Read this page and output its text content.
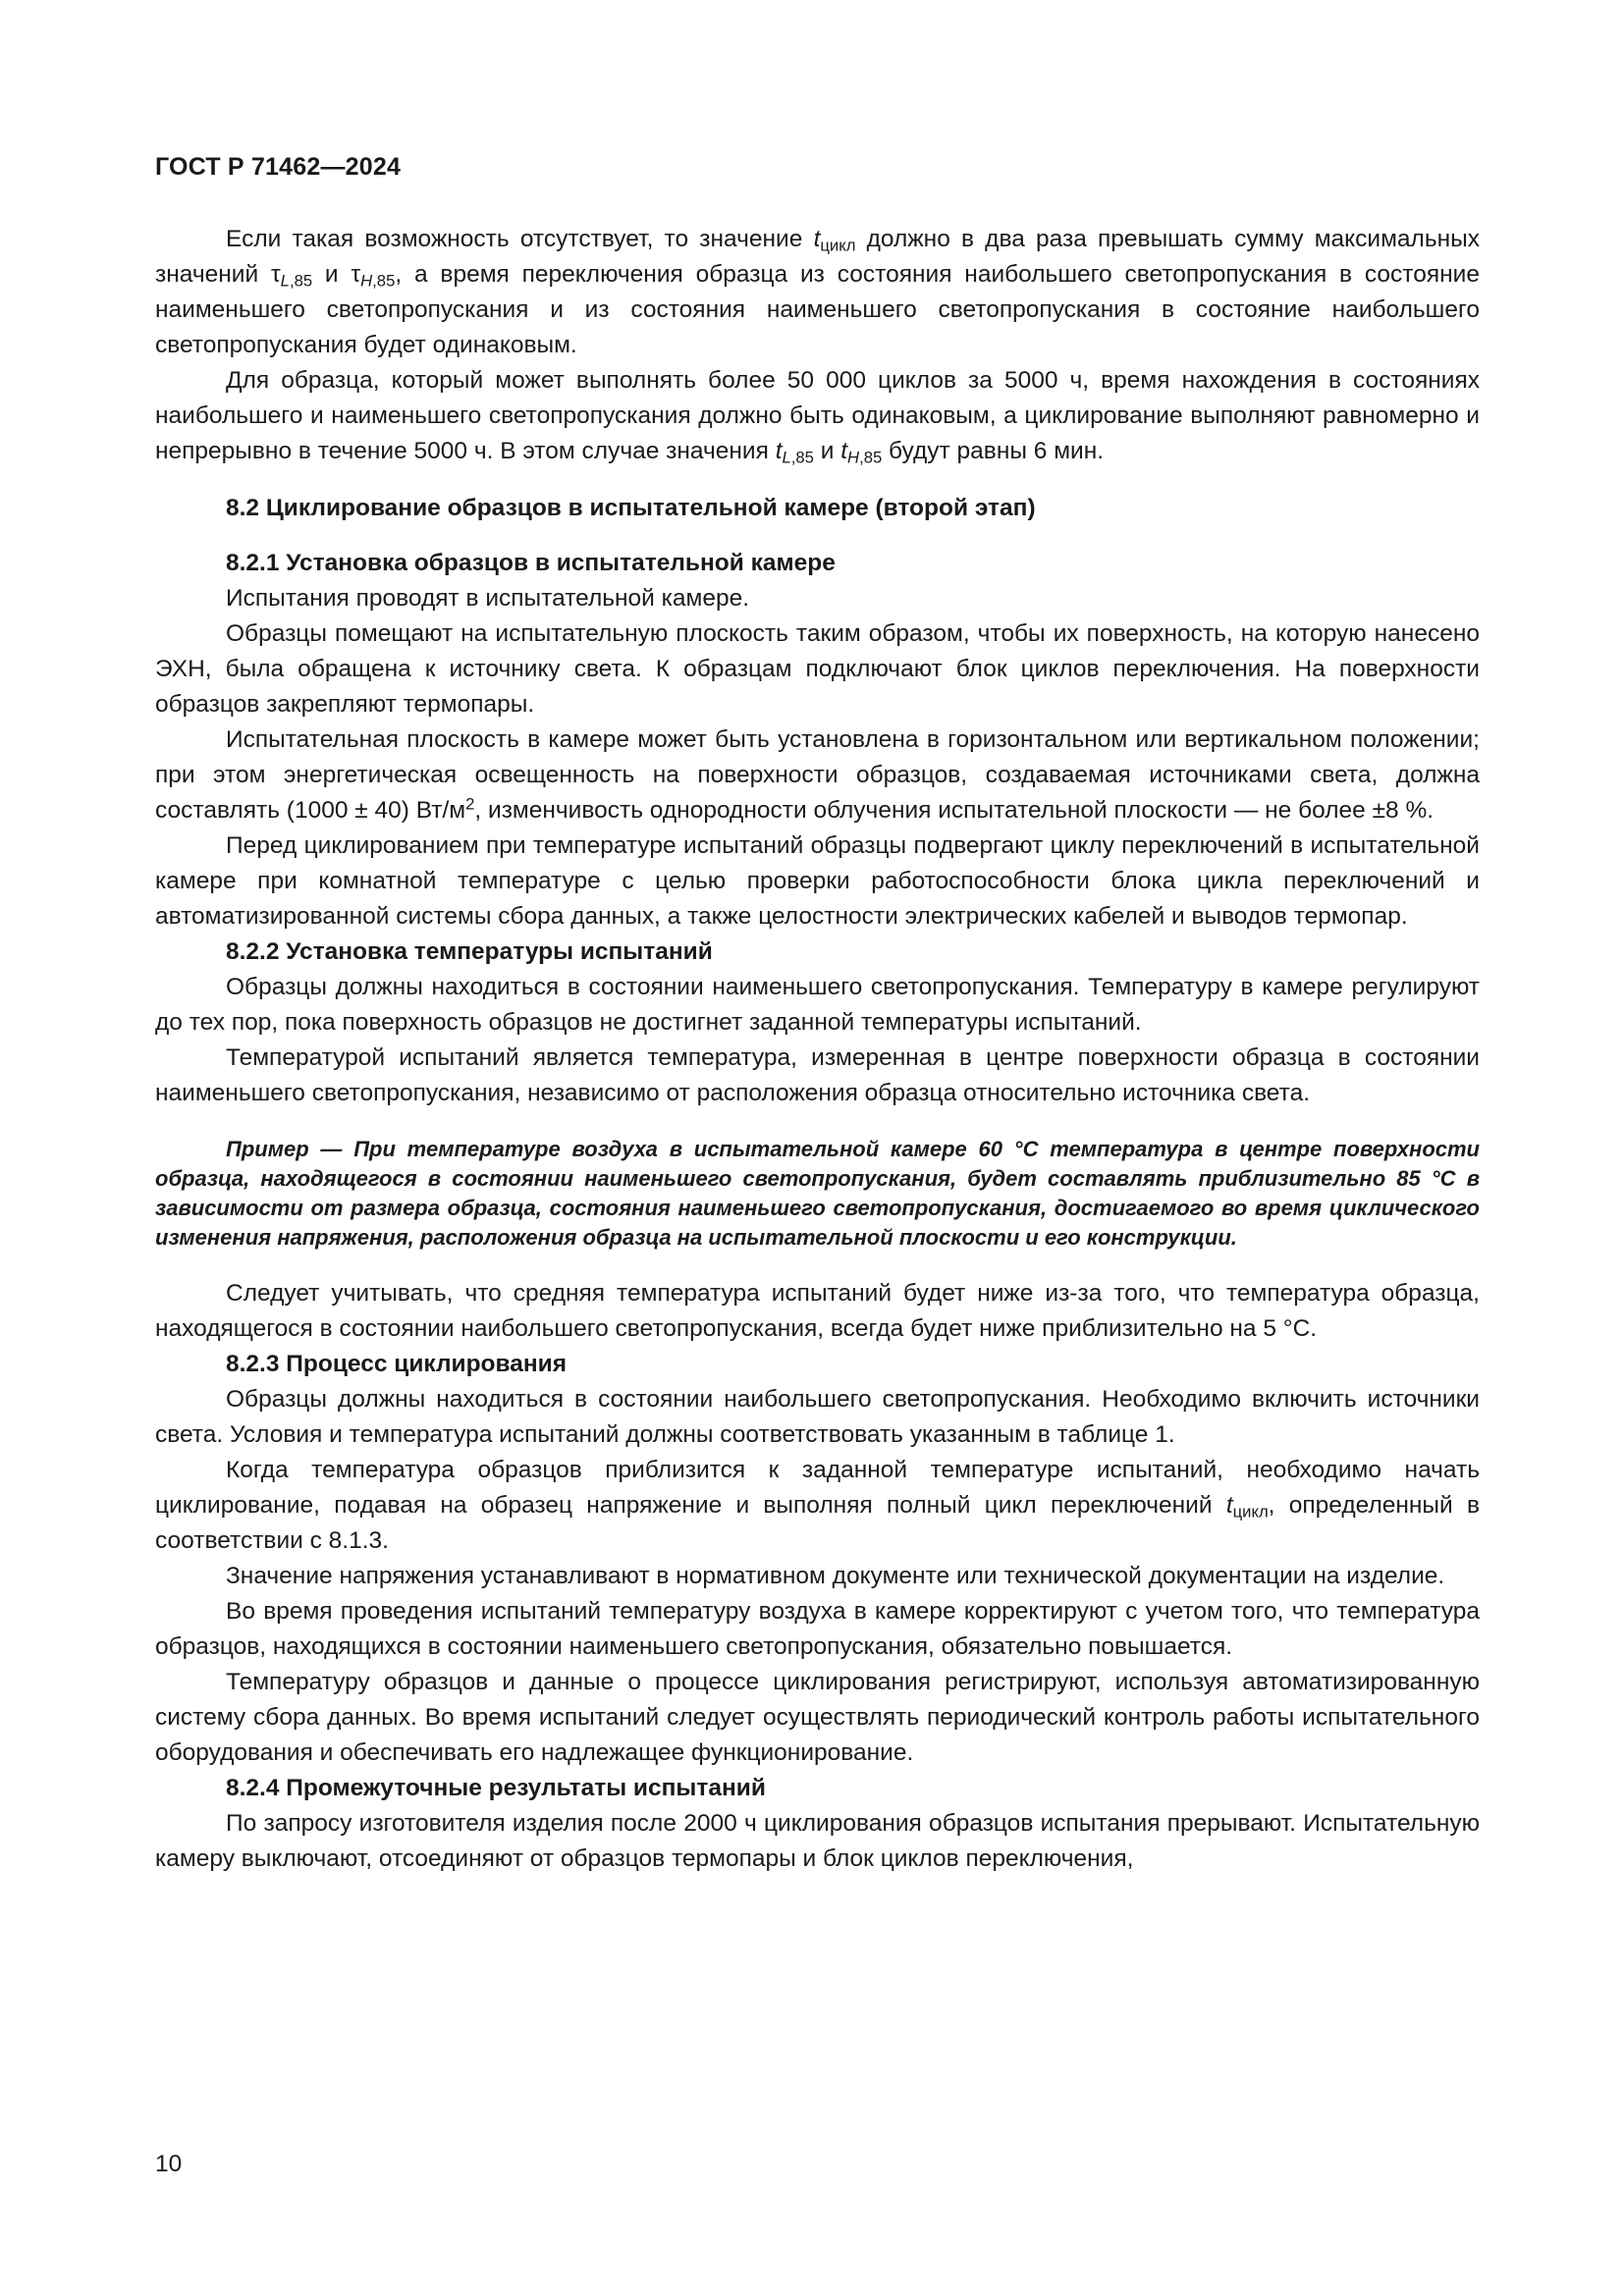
ГОСТ Р 71462—2024

Если такая возможность отсутствует, то значение $t_{цикл}$ должно в два раза превышать сумму максимальных значений $\tau_{L,85}$ и $\tau_{H,85}$, а время переключения образца из состояния наибольшего светопропускания в состояние наименьшего светопропускания и из состояния наименьшего светопропускания в состояние наибольшего светопропускания будет одинаковым.

Для образца, который может выполнять более 50 000 циклов за 5000 ч, время нахождения в состояниях наибольшего и наименьшего светопропускания должно быть одинаковым, а циклирование выполняют равномерно и непрерывно в течение 5000 ч. В этом случае значения $t_{L,85}$ и $t_{H,85}$ будут равны 6 мин.

8.2 Циклирование образцов в испытательной камере (второй этап)

8.2.1 Установка образцов в испытательной камере

Испытания проводят в испытательной камере.

Образцы помещают на испытательную плоскость таким образом, чтобы их поверхность, на которую нанесено ЭХН, была обращена к источнику света. К образцам подключают блок циклов переключения. На поверхности образцов закрепляют термопары.

Испытательная плоскость в камере может быть установлена в горизонтальном или вертикальном положении; при этом энергетическая освещенность на поверхности образцов, создаваемая источниками света, должна составлять (1000 ± 40) $Вт/м^2$, изменчивость однородности облучения испытательной плоскости — не более ±8 %.

Перед циклированием при температуре испытаний образцы подвергают циклу переключений в испытательной камере при комнатной температуре с целью проверки работоспособности блока цикла переключений и автоматизированной системы сбора данных, а также целостности электрических кабелей и выводов термопар.

8.2.2 Установка температуры испытаний

Образцы должны находиться в состоянии наименьшего светопропускания. Температуру в камере регулируют до тех пор, пока поверхность образцов не достигнет заданной температуры испытаний.

Температурой испытаний является температура, измеренная в центре поверхности образца в состоянии наименьшего светопропускания, независимо от расположения образца относительно источника света.

Пример — При температуре воздуха в испытательной камере 60 °С температура в центре поверхности образца, находящегося в состоянии наименьшего светопропускания, будет составлять приблизительно 85 °С в зависимости от размера образца, состояния наименьшего светопропускания, достигаемого во время циклического изменения напряжения, расположения образца на испытательной плоскости и его конструкции.

Следует учитывать, что средняя температура испытаний будет ниже из-за того, что температура образца, находящегося в состоянии наибольшего светопропускания, всегда будет ниже приблизительно на 5 °С.

8.2.3 Процесс циклирования

Образцы должны находиться в состоянии наибольшего светопропускания. Необходимо включить источники света. Условия и температура испытаний должны соответствовать указанным в таблице 1.

Когда температура образцов приблизится к заданной температуре испытаний, необходимо начать циклирование, подавая на образец напряжение и выполняя полный цикл переключений $t_{цикл}$, определенный в соответствии с 8.1.3.

Значение напряжения устанавливают в нормативном документе или технической документации на изделие.

Во время проведения испытаний температуру воздуха в камере корректируют с учетом того, что температура образцов, находящихся в состоянии наименьшего светопропускания, обязательно повышается.

Температуру образцов и данные о процессе циклирования регистрируют, используя автоматизированную систему сбора данных. Во время испытаний следует осуществлять периодический контроль работы испытательного оборудования и обеспечивать его надлежащее функционирование.

8.2.4 Промежуточные результаты испытаний

По запросу изготовителя изделия после 2000 ч циклирования образцов испытания прерывают. Испытательную камеру выключают, отсоединяют от образцов термопары и блок циклов переключения,

10
